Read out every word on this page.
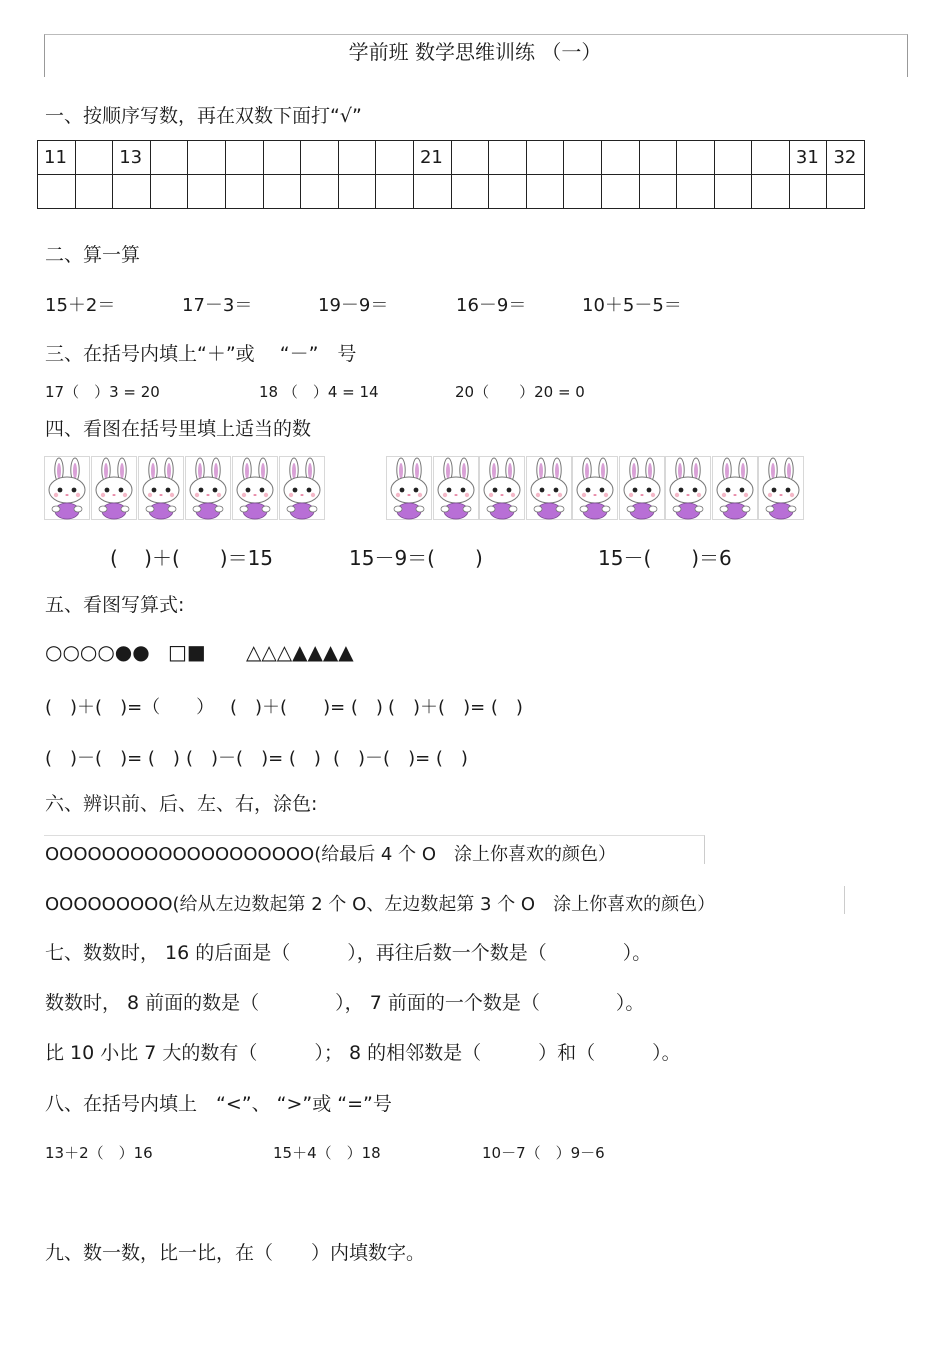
学前班 数学思维训练 （一）
一、按顺序写数，再在双数下面打“√”
11		13								21										31	32

二、算一算
15＋2＝	17－3＝	19－9＝	16－9＝	10＋5－5＝
三、在括号内填上“＋”或　 “－”　号
17（　）3 = 20	18 （　）4 = 14	20（　　）20 = 0
四、看图在括号里填上适当的数
(　 )＋(　　)＝15	15－9＝(　　)	15－(　　)＝6
五、看图写算式:
○○○○●● □■ △△△▲▲▲▲
(　)＋(　)=（　　） (　)＋(　　)= (　) (　)＋(　)= (　)
(　)－(　)= (　) (　)－(　)= (　) (　)－(　)= (　)
六、辨识前、后、左、右，涂色:
OOOOOOOOOOOOOOOOOOO(给最后 4 个 O　涂上你喜欢的颜色）
OOOOOOOOO(给从左边数起第 2 个 O、左边数起第 3 个 O　涂上你喜欢的颜色）
七、数数时， 16 的后面是（　　　），再往后数一个数是（　　　　）。
数数时， 8 前面的数是（　　　　）， 7 前面的一个数是（　　　　）。
比 10 小比 7 大的数有（　　　）； 8 的相邻数是（　　　）和（　　　）。
八、在括号内填上　“<”、 “>”或 “=”号
13＋2（　）16	15＋4（　）18	10－7（　）9－6
九、数一数，比一比，在（　　）内填数字。
